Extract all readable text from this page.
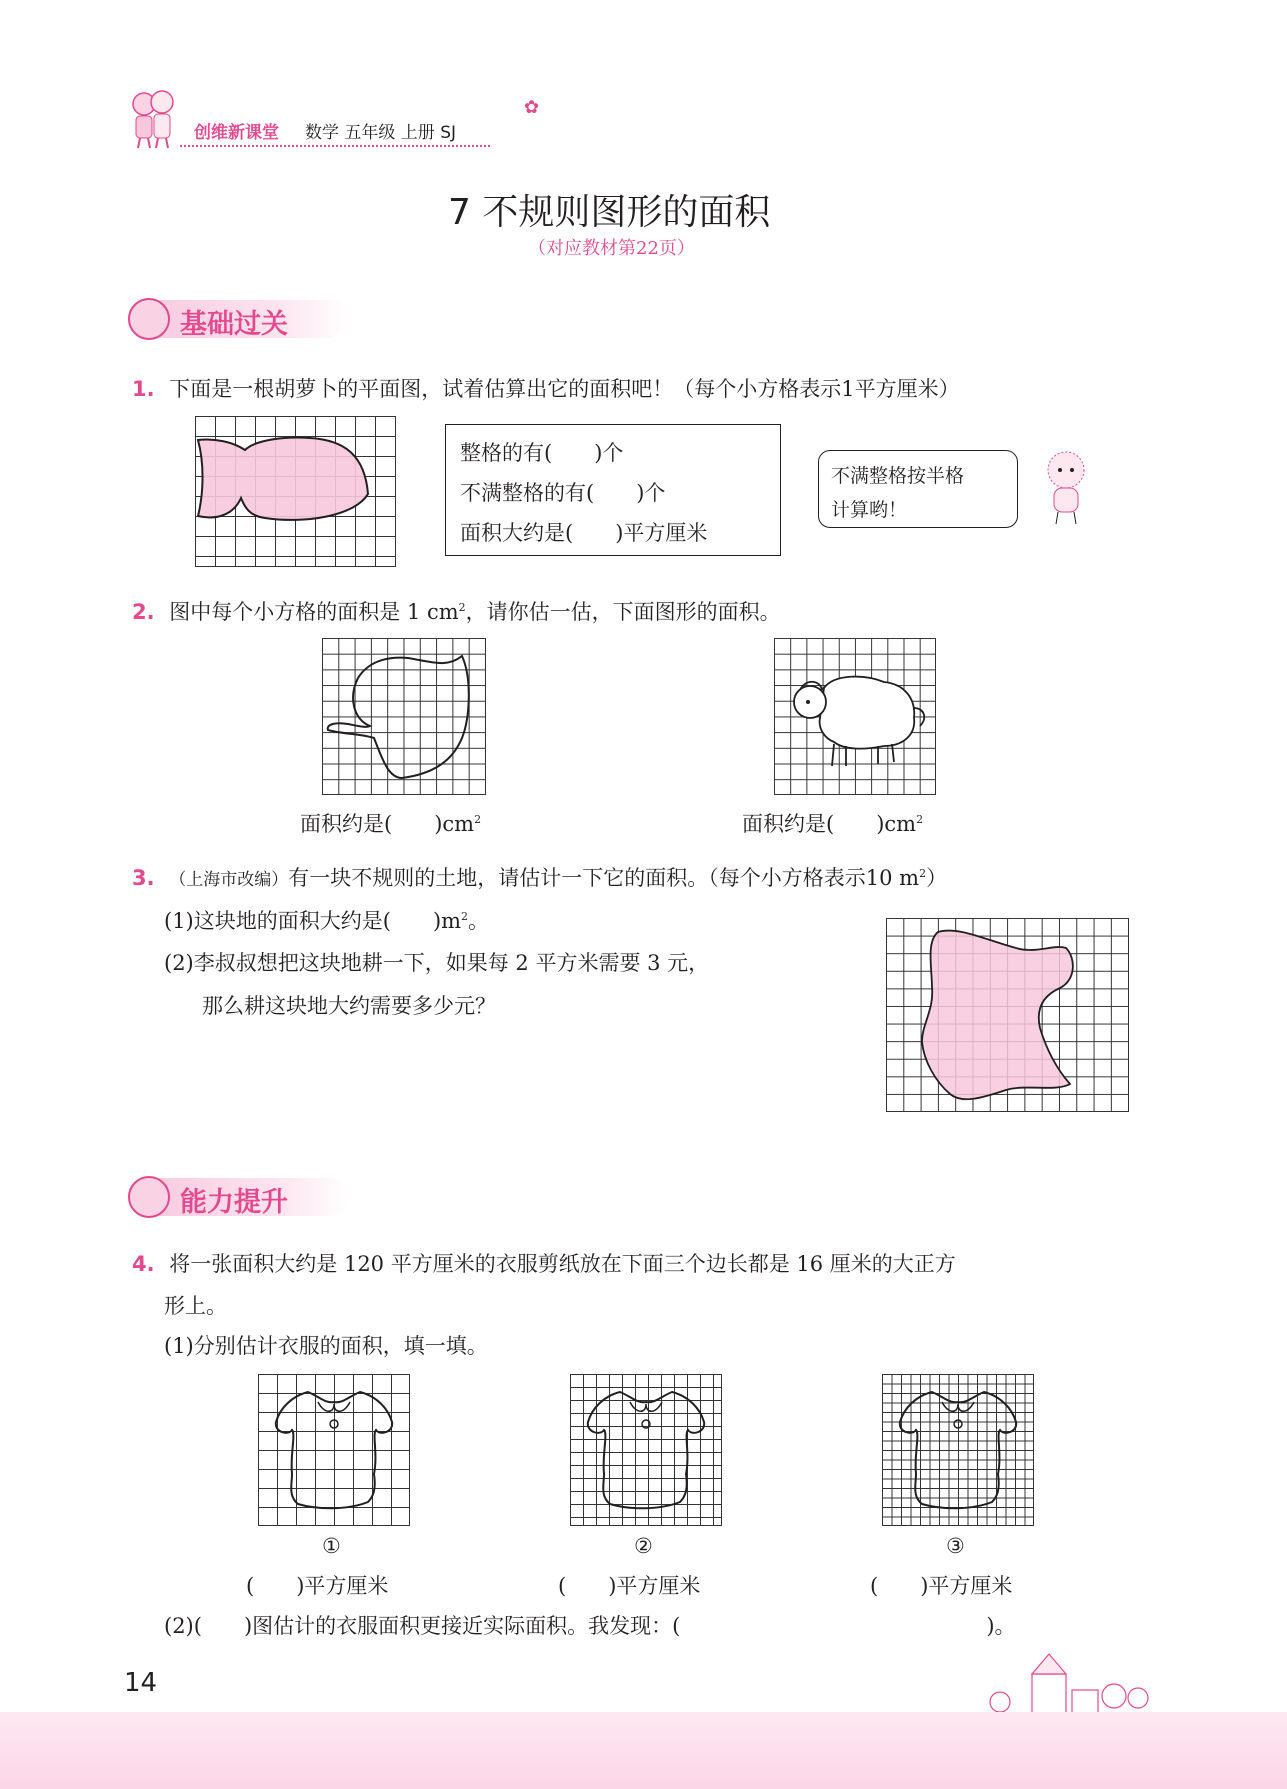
创维新课堂 数学 五年级 上册 SJ
✿
7 不规则图形的面积
（对应教材第22页）
基础过关
1. 下面是一根胡萝卜的平面图，试着估算出它的面积吧！（每个小方格表示1平方厘米）
整格的有(　　)个
不满整格的有(　　)个
面积大约是(　　)平方厘米
不满整格按半格
计算哟！
2. 图中每个小方格的面积是 1 $cm^2$，请你估一估，下面图形的面积。
面积约是(　　)$cm^2$	面积约是(　　)$cm^2$
3. （上海市改编）有一块不规则的土地，请估计一下它的面积。（每个小方格表示10 $m^2$）
(1)这块地的面积大约是(　　)$m^2$。
(2)李叔叔想把这块地耕一下，如果每 2 平方米需要 3 元，
那么耕这块地大约需要多少元？
能力提升
4. 将一张面积大约是 120 平方厘米的衣服剪纸放在下面三个边长都是 16 厘米的大正方
形上。
(1)分别估计衣服的面积，填一填。
①	②	③
(　　)平方厘米	(　　)平方厘米	(　　)平方厘米
(2)(　　)图估计的衣服面积更接近实际面积。我发现：(	)。
14
